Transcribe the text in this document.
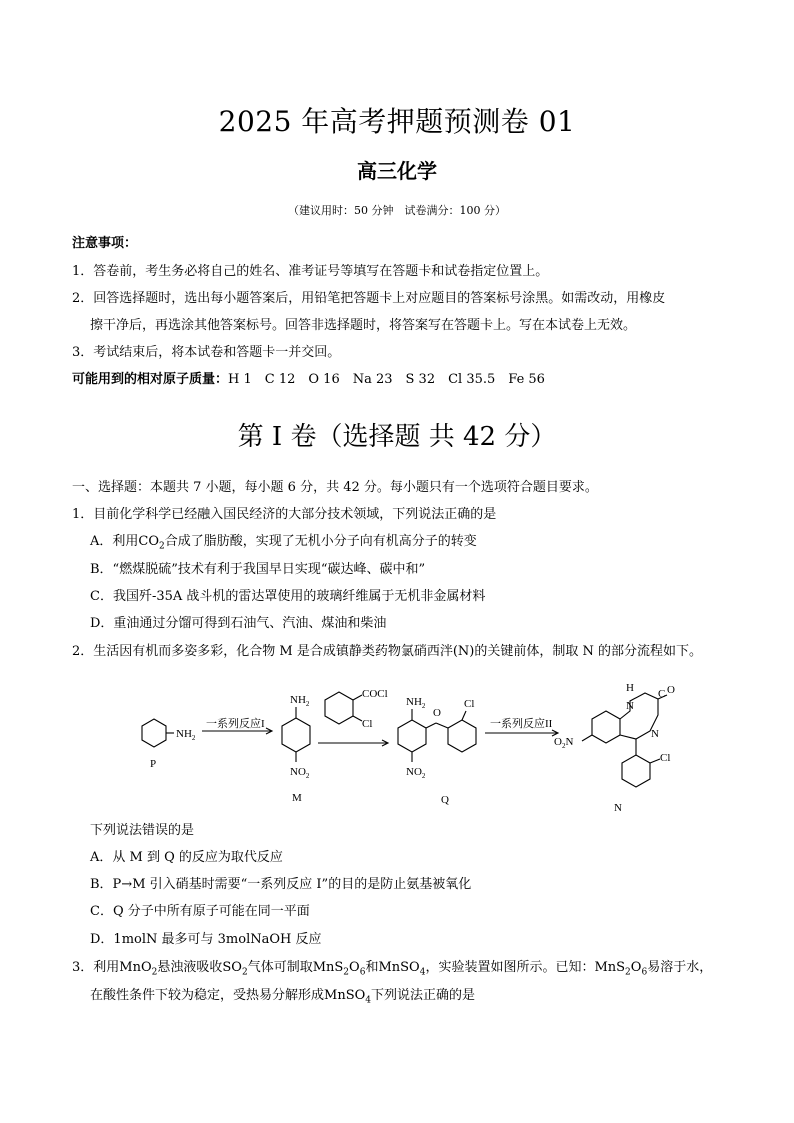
2025 年高考押题预测卷 01
高三化学
（建议用时：50 分钟　试卷满分：100 分）
注意事项：
1．答卷前，考生务必将自己的姓名、准考证号等填写在答题卡和试卷指定位置上。
2．回答选择题时，选出每小题答案后，用铅笔把答题卡上对应题目的答案标号涂黑。如需改动，用橡皮
擦干净后，再选涂其他答案标号。回答非选择题时，将答案写在答题卡上。写在本试卷上无效。
3．考试结束后，将本试卷和答题卡一并交回。
可能用到的相对原子质量：H 1　C 12　O 16　Na 23　S 32　Cl 35.5　Fe 56
第 I 卷（选择题 共 42 分）
一、选择题：本题共 7 小题，每小题 6 分，共 42 分。每小题只有一个选项符合题目要求。
1．目前化学科学已经融入国民经济的大部分技术领域，下列说法正确的是
A．利用$CO_2$合成了脂肪酸，实现了无机小分子向有机高分子的转变
B．“燃煤脱硫”技术有利于我国早日实现“碳达峰、碳中和”
C．我国歼-35A 战斗机的雷达罩使用的玻璃纤维属于无机非金属材料
D．重油通过分馏可得到石油气、汽油、煤油和柴油
2．生活因有机而多姿多彩，化合物 M 是合成镇静类药物氯硝西泮(N)的关键前体，制取 N 的部分流程如下。
$NH_2$
P
一系列反应I
$NH_2$
$NO_2$
M
COCl
Cl
$NH_2$
O
Cl
$NO_2$
Q
一系列反应II
H
N
C O
N
$O_2N$
Cl
N
下列说法错误的是
A．从 M 到 Q 的反应为取代反应
B．P→M 引入硝基时需要“一系列反应 I”的目的是防止氨基被氧化
C．Q 分子中所有原子可能在同一平面
D．1molN 最多可与 3molNaOH 反应
3．利用MnO$_2$悬浊液吸收$SO_2$气体可制取$MnS_2O_6$和MnSO$_4$，实验装置如图所示。已知：$MnS_2O_6$易溶于水，
在酸性条件下较为稳定，受热易分解形成MnSO$_4$下列说法正确的是
